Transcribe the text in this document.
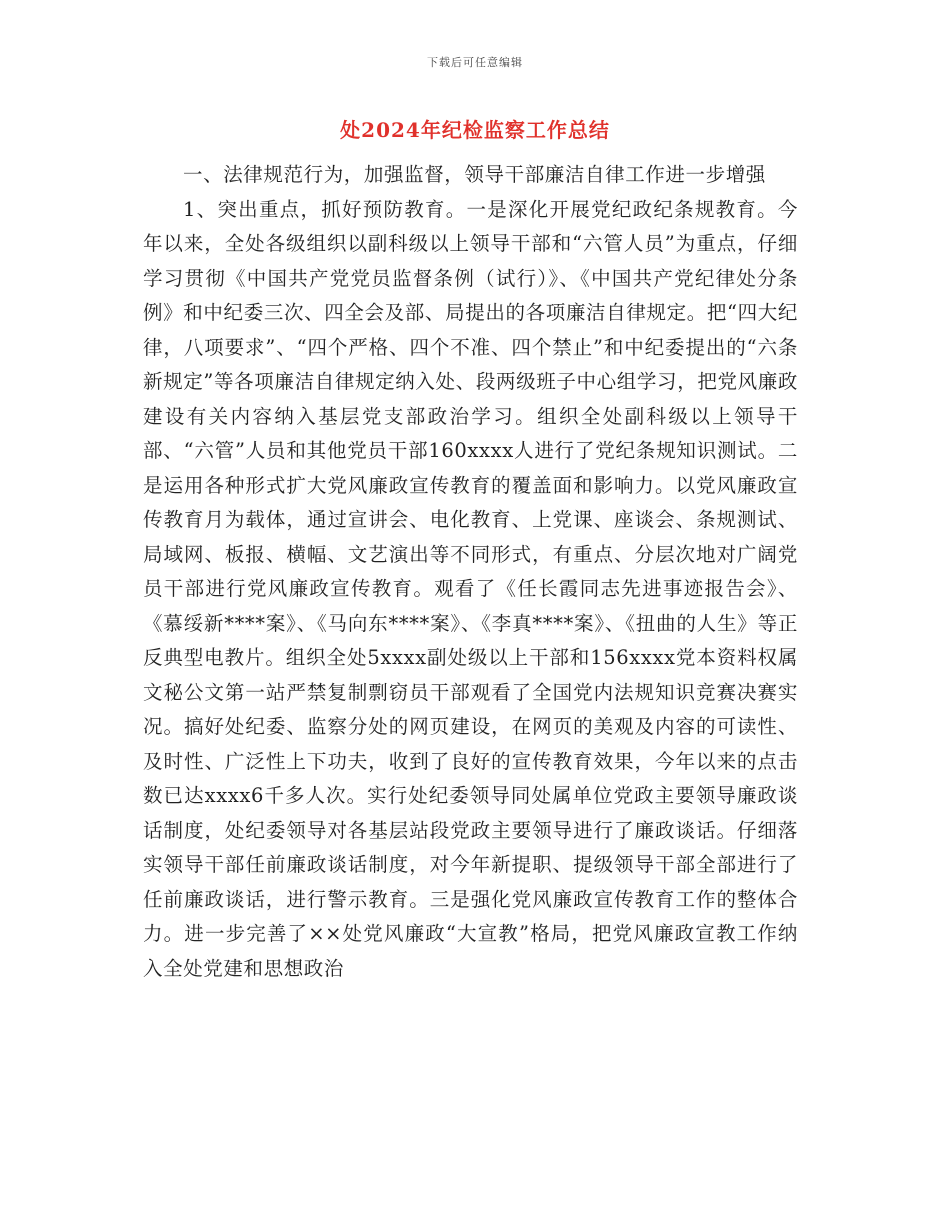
下载后可任意编辑
处2024年纪检监察工作总结

一、法律规范行为，加强监督，领导干部廉洁自律工作进一步增强

1、突出重点，抓好预防教育。一是深化开展党纪政纪条规教育。今年以来，全处各级组织以副科级以上领导干部和“六管人员”为重点，仔细学习贯彻《中国共产党党员监督条例（试行）》、《中国共产党纪律处分条例》和中纪委三次、四全会及部、局提出的各项廉洁自律规定。把“四大纪律，八项要求”、“四个严格、四个不准、四个禁止”和中纪委提出的“六条新规定”等各项廉洁自律规定纳入处、段两级班子中心组学习，把党风廉政建设有关内容纳入基层党支部政治学习。组织全处副科级以上领导干部、“六管”人员和其他党员干部160xxxx人进行了党纪条规知识测试。二是运用各种形式扩大党风廉政宣传教育的覆盖面和影响力。以党风廉政宣传教育月为载体，通过宣讲会、电化教育、上党课、座谈会、条规测试、局域网、板报、横幅、文艺演出等不同形式，有重点、分层次地对广阔党员干部进行党风廉政宣传教育。观看了《任长霞同志先进事迹报告会》、《慕绥新****案》、《马向东****案》、《李真****案》、《扭曲的人生》等正反典型电教片。组织全处5xxxx副处级以上干部和156xxxx党本资料权属文秘公文第一站严禁复制剽窃员干部观看了全国党内法规知识竞赛决赛实况。搞好处纪委、监察分处的网页建设，在网页的美观及内容的可读性、及时性、广泛性上下功夫，收到了良好的宣传教育效果，今年以来的点击数已达xxxx6千多人次。实行处纪委领导同处属单位党政主要领导廉政谈话制度，处纪委领导对各基层站段党政主要领导进行了廉政谈话。仔细落实领导干部任前廉政谈话制度，对今年新提职、提级领导干部全部进行了任前廉政谈话，进行警示教育。三是强化党风廉政宣传教育工作的整体合力。进一步完善了××处党风廉政“大宣教”格局，把党风廉政宣教工作纳入全处党建和思想政治
